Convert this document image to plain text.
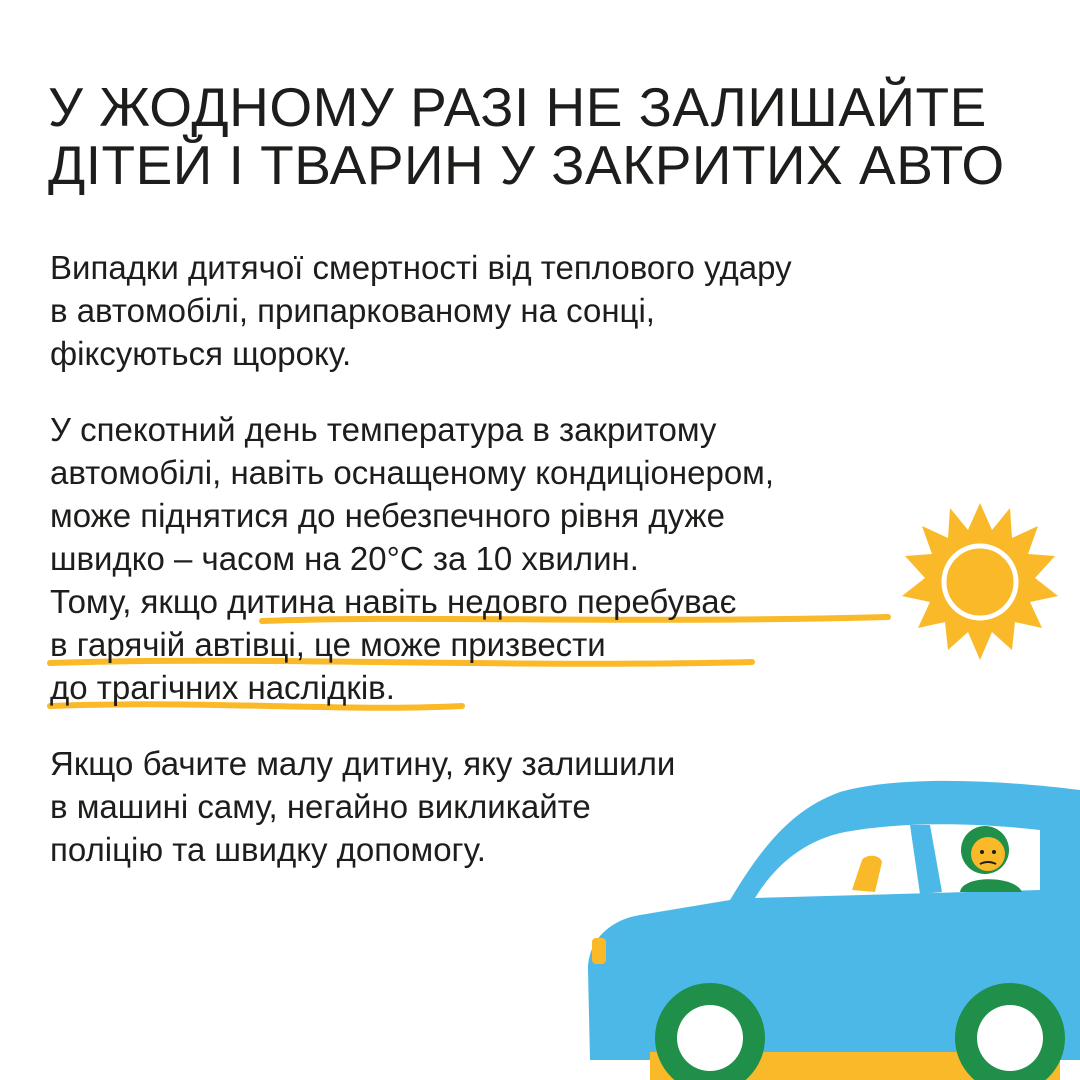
У ЖОДНОМУ РАЗІ НЕ ЗАЛИШАЙТЕ
ДІТЕЙ І ТВАРИН У ЗАКРИТИХ АВТО
Випадки дитячої смертності від теплового удару
в автомобілі, припаркованому на сонці,
фіксуються щороку.
У спекотний день температура в закритому
автомобілі, навіть оснащеному кондиціонером,
може піднятися до небезпечного рівня дуже
швидко – часом на 20°С за 10 хвилин.
Тому, якщо дитина навіть недовго перебуває
в гарячій автівці, це може призвести
до трагічних наслідків.
Якщо бачите малу дитину, яку залишили
в машині саму, негайно викликайте
поліцію та швидку допомогу.
